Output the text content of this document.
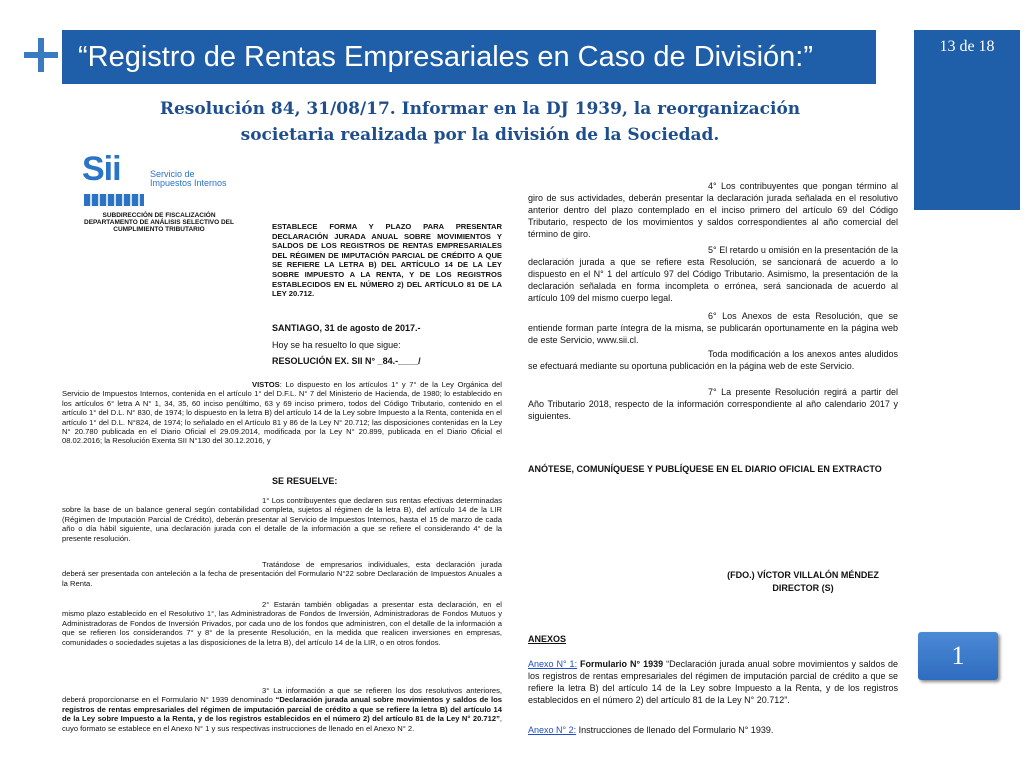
“Registro de Rentas Empresariales en Caso de División:”	13 de 18
Resolución 84, 31/08/17. Informar en la DJ 1939, la reorganización
societaria realizada por la división de la Sociedad.
Sii	Servicio de Impuestos Internos
SUBDIRECCIÓN DE FISCALIZACIÓN DEPARTAMENTO DE ANÁLISIS SELECTIVO DEL CUMPLIMIENTO TRIBUTARIO	ESTABLECE FORMA Y PLAZO PARA PRESENTAR DECLARACIÓN JURADA ANUAL SOBRE MOVIMIENTOS Y SALDOS DE LOS REGISTROS DE RENTAS EMPRESARIALES DEL RÉGIMEN DE IMPUTACIÓN PARCIAL DE CRÉDITO A QUE SE REFIERE LA LETRA B) DEL ARTÍCULO 14 DE LA LEY SOBRE IMPUESTO A LA RENTA, Y DE LOS REGISTROS ESTABLECIDOS EN EL NÚMERO 2) DEL ARTÍCULO 81 DE LA LEY 20.712.

SANTIAGO, 31 de agosto de 2017.-

Hoy se ha resuelto lo que sigue:

RESOLUCIÓN EX. SII N° _84.-____/

VISTOS: Lo dispuesto en los artículos 1° y 7° de la Ley Orgánica del Servicio de Impuestos Internos, contenida en el artículo 1° del D.F.L. N° 7 del Ministerio de Hacienda, de 1980; lo establecido en los artículos 6° letra A N° 1, 34, 35, 60 inciso penúltimo, 63 y 69 inciso primero, todos del Código Tributario, contenido en el artículo 1° del D.L. N° 830, de 1974; lo dispuesto en la letra B) del artículo 14 de la Ley sobre Impuesto a la Renta, contenida en el artículo 1° del D.L. N°824, de 1974; lo señalado en el Artículo 81 y 86 de la Ley N° 20.712; las disposiciones contenidas en la Ley N° 20.780 publicada en el Diario Oficial el 29.09.2014, modificada por la Ley N° 20.899, publicada en el Diario Oficial el 08.02.2016; la Resolución Exenta SII N°130 del 30.12.2016, y

SE RESUELVE:

1° Los contribuyentes que declaren sus rentas efectivas determinadas sobre la base de un balance general según contabilidad completa, sujetos al régimen de la letra B), del artículo 14 de la LIR (Régimen de Imputación Parcial de Crédito), deberán presentar al Servicio de Impuestos Internos, hasta el 15 de marzo de cada año o día hábil siguiente, una declaración jurada con el detalle de la información a que se refiere el considerando 4° de la presente resolución.

Tratándose de empresarios individuales, esta declaración jurada deberá ser presentada con anteleción a la fecha de presentación del Formulario N°22 sobre Declaración de Impuestos Anuales a la Renta.

2° Estarán también obligadas a presentar esta declaración, en el mismo plazo establecido en el Resolutivo 1°, las Administradoras de Fondos de Inversión, Administradoras de Fondos Mutuos y Administradoras de Fondos de Inversión Privados, por cada uno de los fondos que administren, con el detalle de la información a que se refieren los considerandos 7° y 8° de la presente Resolución, en la medida que realicen inversiones en empresas, comunidades o sociedades sujetas a las disposiciones de la letra B), del artículo 14 de la LIR, o en otros fondos.

3° La información a que se refieren los dos resolutivos anteriores, deberá proporcionarse en el Formulario N° 1939 denominado “Declaración jurada anual sobre movimientos y saldos de los registros de rentas empresariales del régimen de imputación parcial de crédito a que se refiere la letra B) del artículo 14 de la Ley sobre Impuesto a la Renta, y de los registros establecidos en el número 2) del artículo 81 de la Ley N° 20.712”, cuyo formato se establece en el Anexo N° 1 y sus respectivas instrucciones de llenado en el Anexo N° 2.

4° Los contribuyentes que pongan término al giro de sus actividades, deberán presentar la declaración jurada señalada en el resolutivo anterior dentro del plazo contemplado en el inciso primero del artículo 69 del Código Tributario, respecto de los movimientos y saldos correspondientes al año comercial del término de giro.

5° El retardo u omisión en la presentación de la declaración jurada a que se refiere esta Resolución, se sancionará de acuerdo a lo dispuesto en el N° 1 del artículo 97 del Código Tributario. Asimismo, la presentación de la declaración señalada en forma incompleta o errónea, será sancionada de acuerdo al artículo 109 del mismo cuerpo legal.

6° Los Anexos de esta Resolución, que se entiende forman parte íntegra de la misma, se publicarán oportunamente en la página web de este Servicio, www.sii.cl.

Toda modificación a los anexos antes aludidos se efectuará mediante su oportuna publicación en la página web de este Servicio.

7° La presente Resolución regirá a partir del Año Tributario 2018, respecto de la información correspondiente al año calendario 2017 y siguientes.

ANÓTESE, COMUNÍQUESE Y PUBLÍQUESE EN EL DIARIO OFICIAL EN EXTRACTO

(FDO.) VÍCTOR VILLALÓN MÉNDEZ

DIRECTOR (S)

ANEXOS

Anexo N° 1: Formulario N° 1939 “Declaración jurada anual sobre movimientos y saldos de los registros de rentas empresariales del régimen de imputación parcial de crédito a que se refiere la letra B) del artículo 14 de la Ley sobre Impuesto a la Renta, y de los registros establecidos en el número 2) del artículo 81 de la Ley N° 20.712”.

Anexo N° 2: Instrucciones de llenado del Formulario N° 1939.

1
